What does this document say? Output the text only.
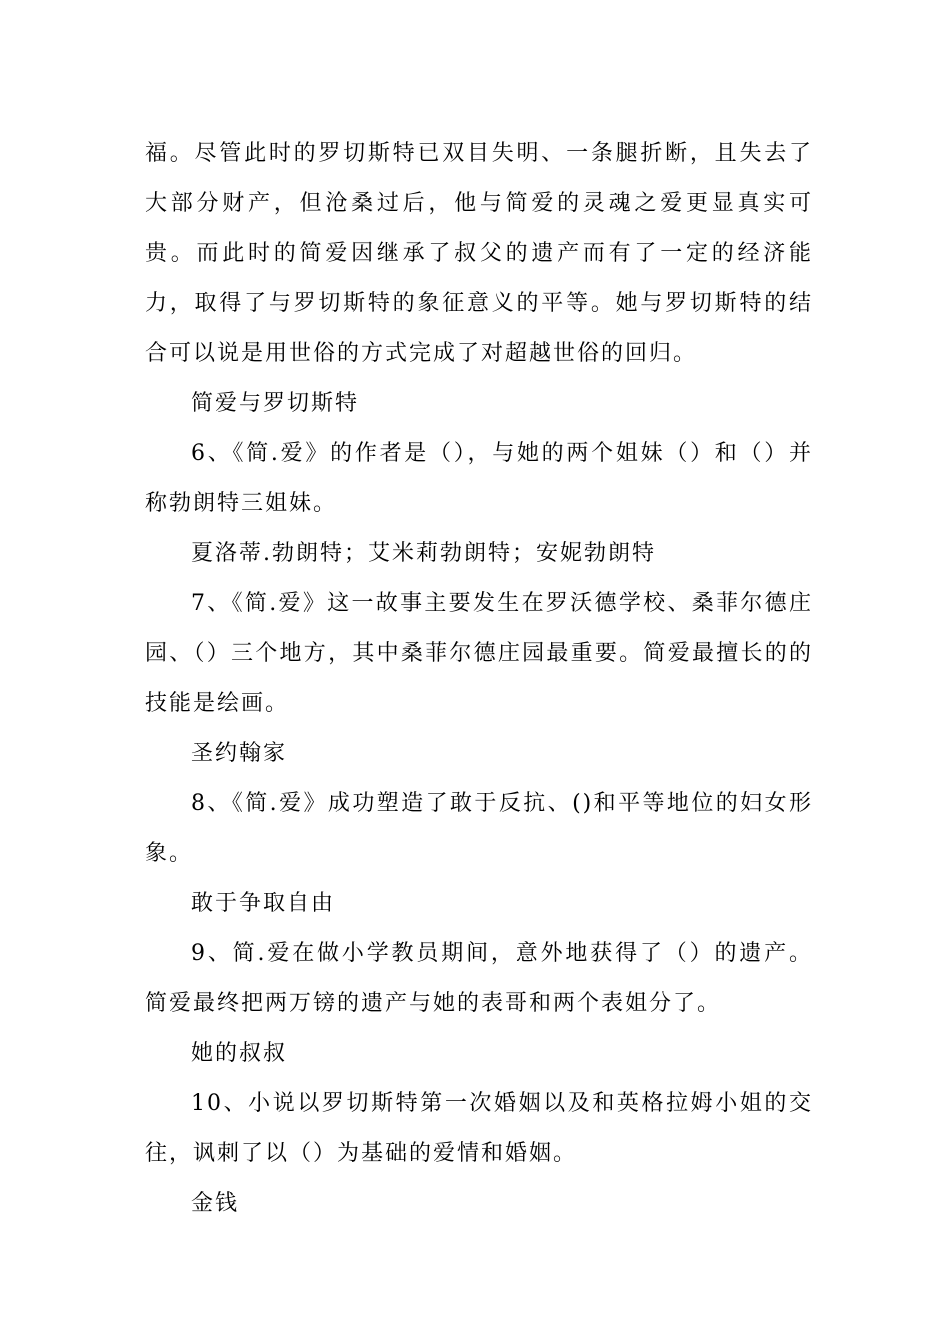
福。尽管此时的罗切斯特已双目失明、一条腿折断，且失去了大部分财产，但沧桑过后，他与简爱的灵魂之爱更显真实可贵。而此时的简爱因继承了叔父的遗产而有了一定的经济能力，取得了与罗切斯特的象征意义的平等。她与罗切斯特的结合可以说是用世俗的方式完成了对超越世俗的回归。

简爱与罗切斯特

6、《简.爱》的作者是（），与她的两个姐妹（）和（）并称勃朗特三姐妹。

夏洛蒂.勃朗特；艾米莉勃朗特；安妮勃朗特

7、《简.爱》这一故事主要发生在罗沃德学校、桑菲尔德庄园、（）三个地方，其中桑菲尔德庄园最重要。简爱最擅长的的技能是绘画。

圣约翰家

8、《简.爱》成功塑造了敢于反抗、()和平等地位的妇女形象。

敢于争取自由

9、简.爱在做小学教员期间，意外地获得了（）的遗产。简爱最终把两万镑的遗产与她的表哥和两个表姐分了。

她的叔叔

10、小说以罗切斯特第一次婚姻以及和英格拉姆小姐的交往，讽刺了以（）为基础的爱情和婚姻。

金钱
